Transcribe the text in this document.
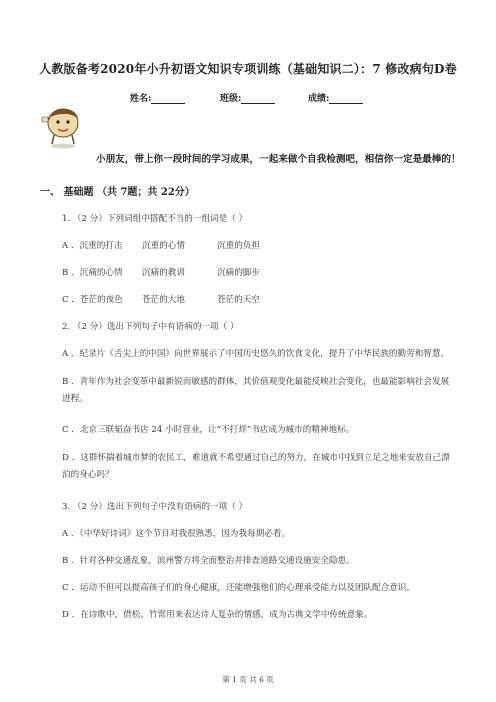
人教版备考2020年小升初语文知识专项训练（基础知识二）：7 修改病句D卷
姓名:	班级:	成绩:
小朋友，带上你一段时间的学习成果，一起来做个自我检测吧，相信你一定是最棒的！
一、 基础题 （共 7题；共 22分）
1. （2 分）下列词组中搭配不当的一组词是（ ）
A ．沉重的打击 沉重的心情	沉重的负担
B ．沉痛的心情 沉痛的教训	沉痛的脚步
C ．苍茫的夜色 苍茫的大地	苍茫的天空
2. （2 分）选出下列句子中有语病的一项（ ）
A ．纪录片《舌尖上的中国》向世界展示了中国历史悠久的饮食文化，提升了中华民族的勤劳和智慧。
B ．青年作为社会变革中最新锐而敏感的群体，其价值观变化最能反映社会变化，也最能影响社会发展进程。
C ．北京三联韬奋书店 24 小时营业，让“不打烊”书店成为城市的精神地标。
D ．这群怀揣着城市梦的农民工，难道就不希望通过自己的努力，在城市中找到立足之地来安放自己漂泊的身心吗？
3. （2 分）选出下列句子中没有语病的一项（ ）
A ．《中华好诗词》这个节目对我很熟悉，因为我每期必看。
B ．针对各种交通乱象，滨州警方将全面整治并排查道路交通设施安全隐患。
C ．运动不但可以提高孩子们的身心健康，还能增强他们的心理承受能力以及团队配合意识。
D ．在诗歌中，借松、竹常用来表达诗人复杂的情感，成为古典文学中传统意象。
第 1 页 共 6 页
